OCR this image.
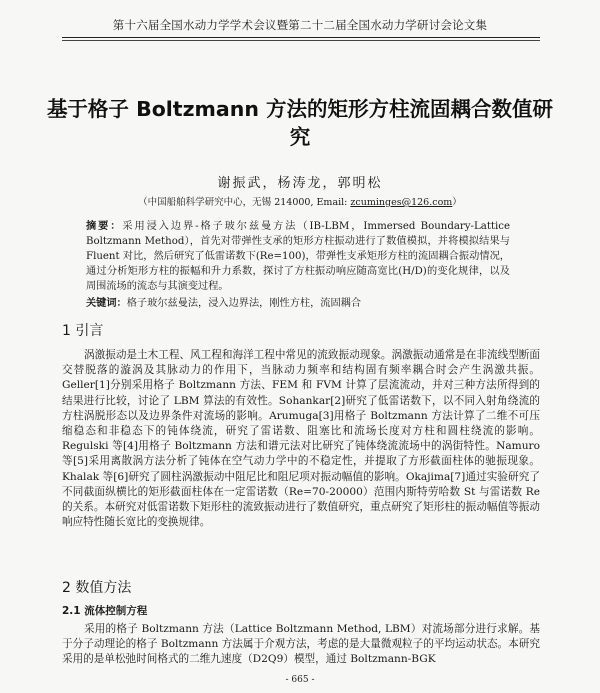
第十六届全国水动力学学术会议暨第二十二届全国水动力学研讨会论文集
基于格子 Boltzmann 方法的矩形方柱流固耦合数值研究
谢振武，杨涛龙，郭明松
（中国船舶科学研究中心，无锡 214000, Email: zcuminges@126.com）
摘要：采用浸入边界-格子玻尔兹曼方法（IB-LBM，Immersed Boundary-Lattice Boltzmann Method），首先对带弹性支承的矩形方柱振动进行了数值模拟，并将模拟结果与 Fluent 对比，然后研究了低雷诺数下(Re=100)，带弹性支承矩形方柱的流固耦合振动情况，通过分析矩形方柱的振幅和升力系数，探讨了方柱振动响应随高宽比(H/D)的变化规律，以及周围流场的流态与其演变过程。
关键词：格子玻尔兹曼法，浸入边界法，刚性方柱，流固耦合
1 引言
涡激振动是土木工程、风工程和海洋工程中常见的流致振动现象。涡激振动通常是在非流线型断面交替脱落的漩涡及其脉动力的作用下，当脉动力频率和结构固有频率耦合时会产生涡激共振。Geller[1]分别采用格子 Boltzmann 方法、FEM 和 FVM 计算了层流流动，并对三种方法所得到的结果进行比较，讨论了 LBM 算法的有效性。Sohankar[2]研究了低雷诺数下，以不同入射角绕流的方柱涡脱形态以及边界条件对流场的影响。Arumuga[3]用格子 Boltzmann 方法计算了二维不可压缩稳态和非稳态下的钝体绕流，研究了雷诺数、阻塞比和流场长度对方柱和圆柱绕流的影响。Regulski 等[4]用格子 Boltzmann 方法和谱元法对比研究了钝体绕流流场中的涡街特性。Namuro 等[5]采用离散涡方法分析了钝体在空气动力学中的不稳定性，并提取了方形截面柱体的驰振现象。Khalak 等[6]研究了圆柱涡激振动中阻尼比和阻尼项对振动幅值的影响。Okajima[7]通过实验研究了不同截面纵横比的矩形截面柱体在一定雷诺数（Re=70-20000）范围内斯特劳哈数 St 与雷诺数 Re 的关系。本研究对低雷诺数下矩形柱的流致振动进行了数值研究，重点研究了矩形柱的振动幅值等振动响应特性随长宽比的变换规律。
2 数值方法
2.1 流体控制方程
采用的格子 Boltzmann 方法（Lattice Boltzmann Method, LBM）对流场部分进行求解。基于分子动理论的格子 Boltzmann 方法属于介观方法，考虑的是大量微观粒子的平均运动状态。本研究采用的是单松弛时间格式的二维九速度（D2Q9）模型，通过 Boltzmann-BGK
- 665 -
